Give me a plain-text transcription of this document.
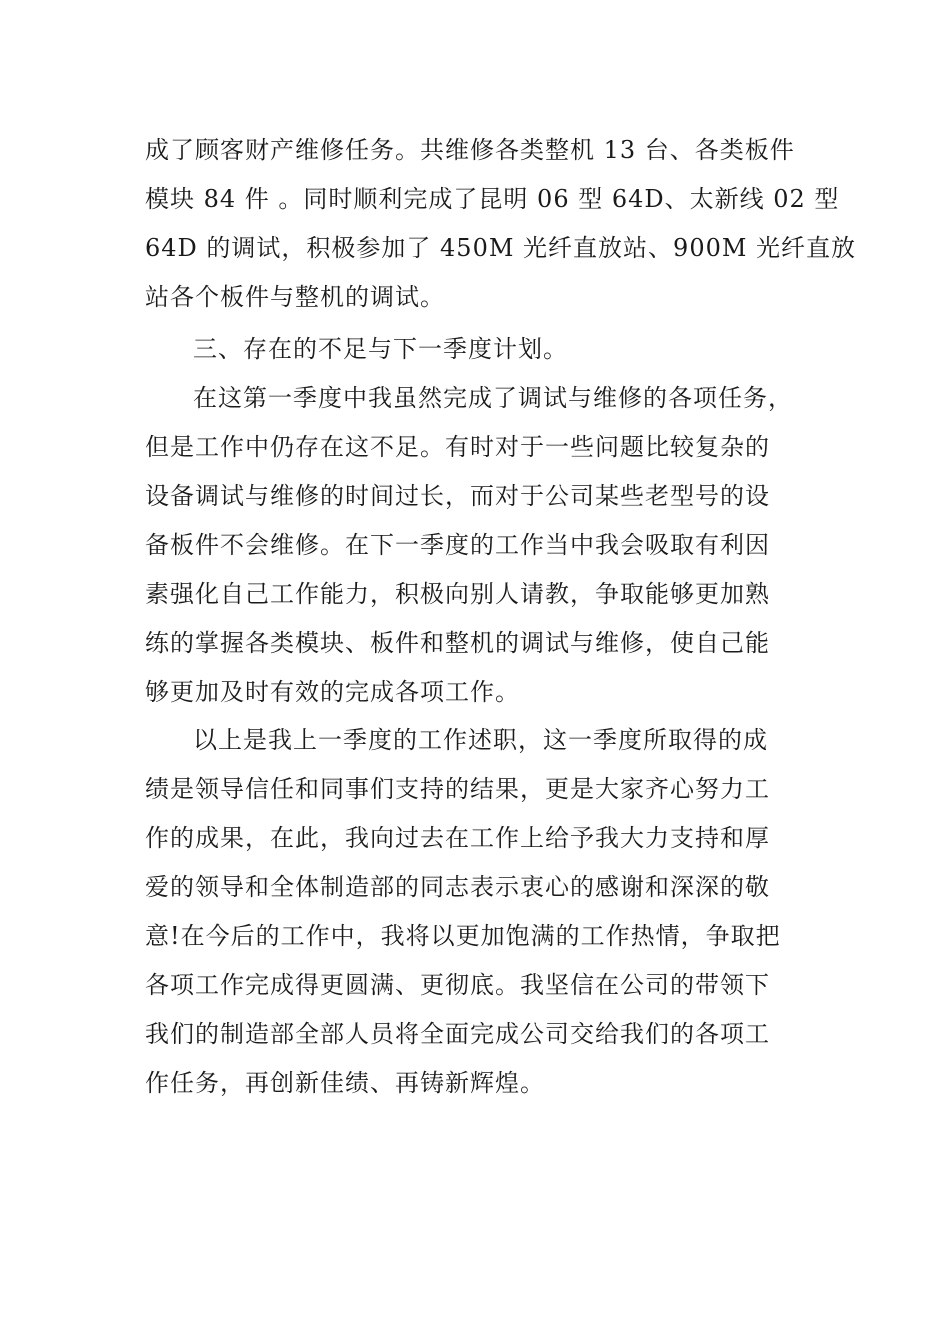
成了顾客财产维修任务。共维修各类整机 13 台、各类板件
模块 84 件 。同时顺利完成了昆明 06 型 64D、太新线 02 型
64D 的调试，积极参加了 450M 光纤直放站、900M 光纤直放
站各个板件与整机的调试。
三、存在的不足与下一季度计划。
在这第一季度中我虽然完成了调试与维修的各项任务，
但是工作中仍存在这不足。有时对于一些问题比较复杂的
设备调试与维修的时间过长，而对于公司某些老型号的设
备板件不会维修。在下一季度的工作当中我会吸取有利因
素强化自己工作能力，积极向别人请教，争取能够更加熟
练的掌握各类模块、板件和整机的调试与维修，使自己能
够更加及时有效的完成各项工作。
以上是我上一季度的工作述职，这一季度所取得的成
绩是领导信任和同事们支持的结果，更是大家齐心努力工
作的成果，在此，我向过去在工作上给予我大力支持和厚
爱的领导和全体制造部的同志表示衷心的感谢和深深的敬
意!在今后的工作中，我将以更加饱满的工作热情，争取把
各项工作完成得更圆满、更彻底。我坚信在公司的带领下
我们的制造部全部人员将全面完成公司交给我们的各项工
作任务，再创新佳绩、再铸新辉煌。
